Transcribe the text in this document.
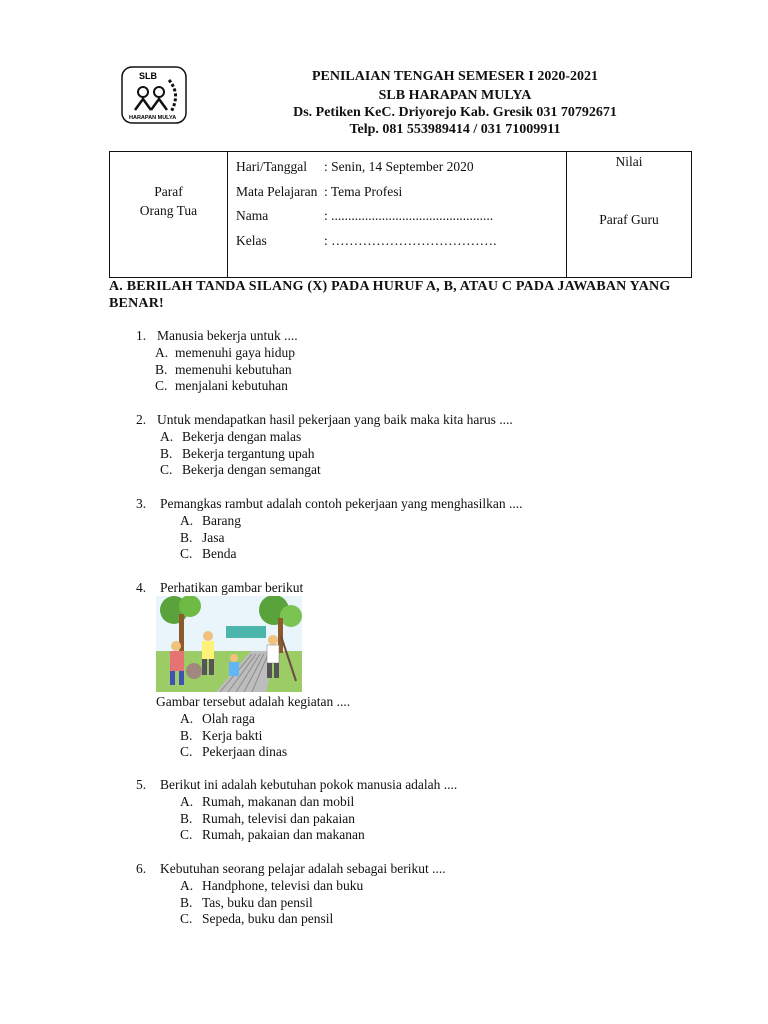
SLB
HARAPAN MULYA
PENILAIAN TENGAH SEMESER I 2020-2021
SLB HARAPAN MULYA
Ds. Petiken KeC. Driyorejo Kab. Gresik 031 70792671
Telp. 081 553989414 / 031 71009911
Paraf
Orang Tua

Hari/Tanggal : Senin, 14 September 2020
Mata Pelajaran : Tema Profesi
Nama	: ................................................
Kelas	: ……………………………….

Nilai
Paraf Guru
A. BERILAH TANDA SILANG (X) PADA HURUF A, B, ATAU C PADA JAWABAN YANG BENAR!
1. Manusia bekerja untuk ....
A. memenuhi gaya hidup
B. memenuhi kebutuhan
C. menjalani kebutuhan
2. Untuk mendapatkan hasil pekerjaan yang baik maka kita harus ....
A. Bekerja dengan malas
B. Bekerja tergantung upah
C. Bekerja dengan semangat
3. Pemangkas rambut adalah contoh pekerjaan yang menghasilkan ....
A. Barang
B. Jasa
C. Benda
4. Perhatikan gambar berikut
Gambar tersebut adalah kegiatan ....
A. Olah raga
B. Kerja bakti
C. Pekerjaan dinas
5. Berikut ini adalah kebutuhan pokok manusia adalah ....
A. Rumah, makanan dan mobil
B. Rumah, televisi dan pakaian
C. Rumah, pakaian dan makanan
6. Kebutuhan seorang pelajar adalah sebagai berikut ....
A. Handphone, televisi dan buku
B. Tas, buku dan pensil
C. Sepeda, buku dan pensil
